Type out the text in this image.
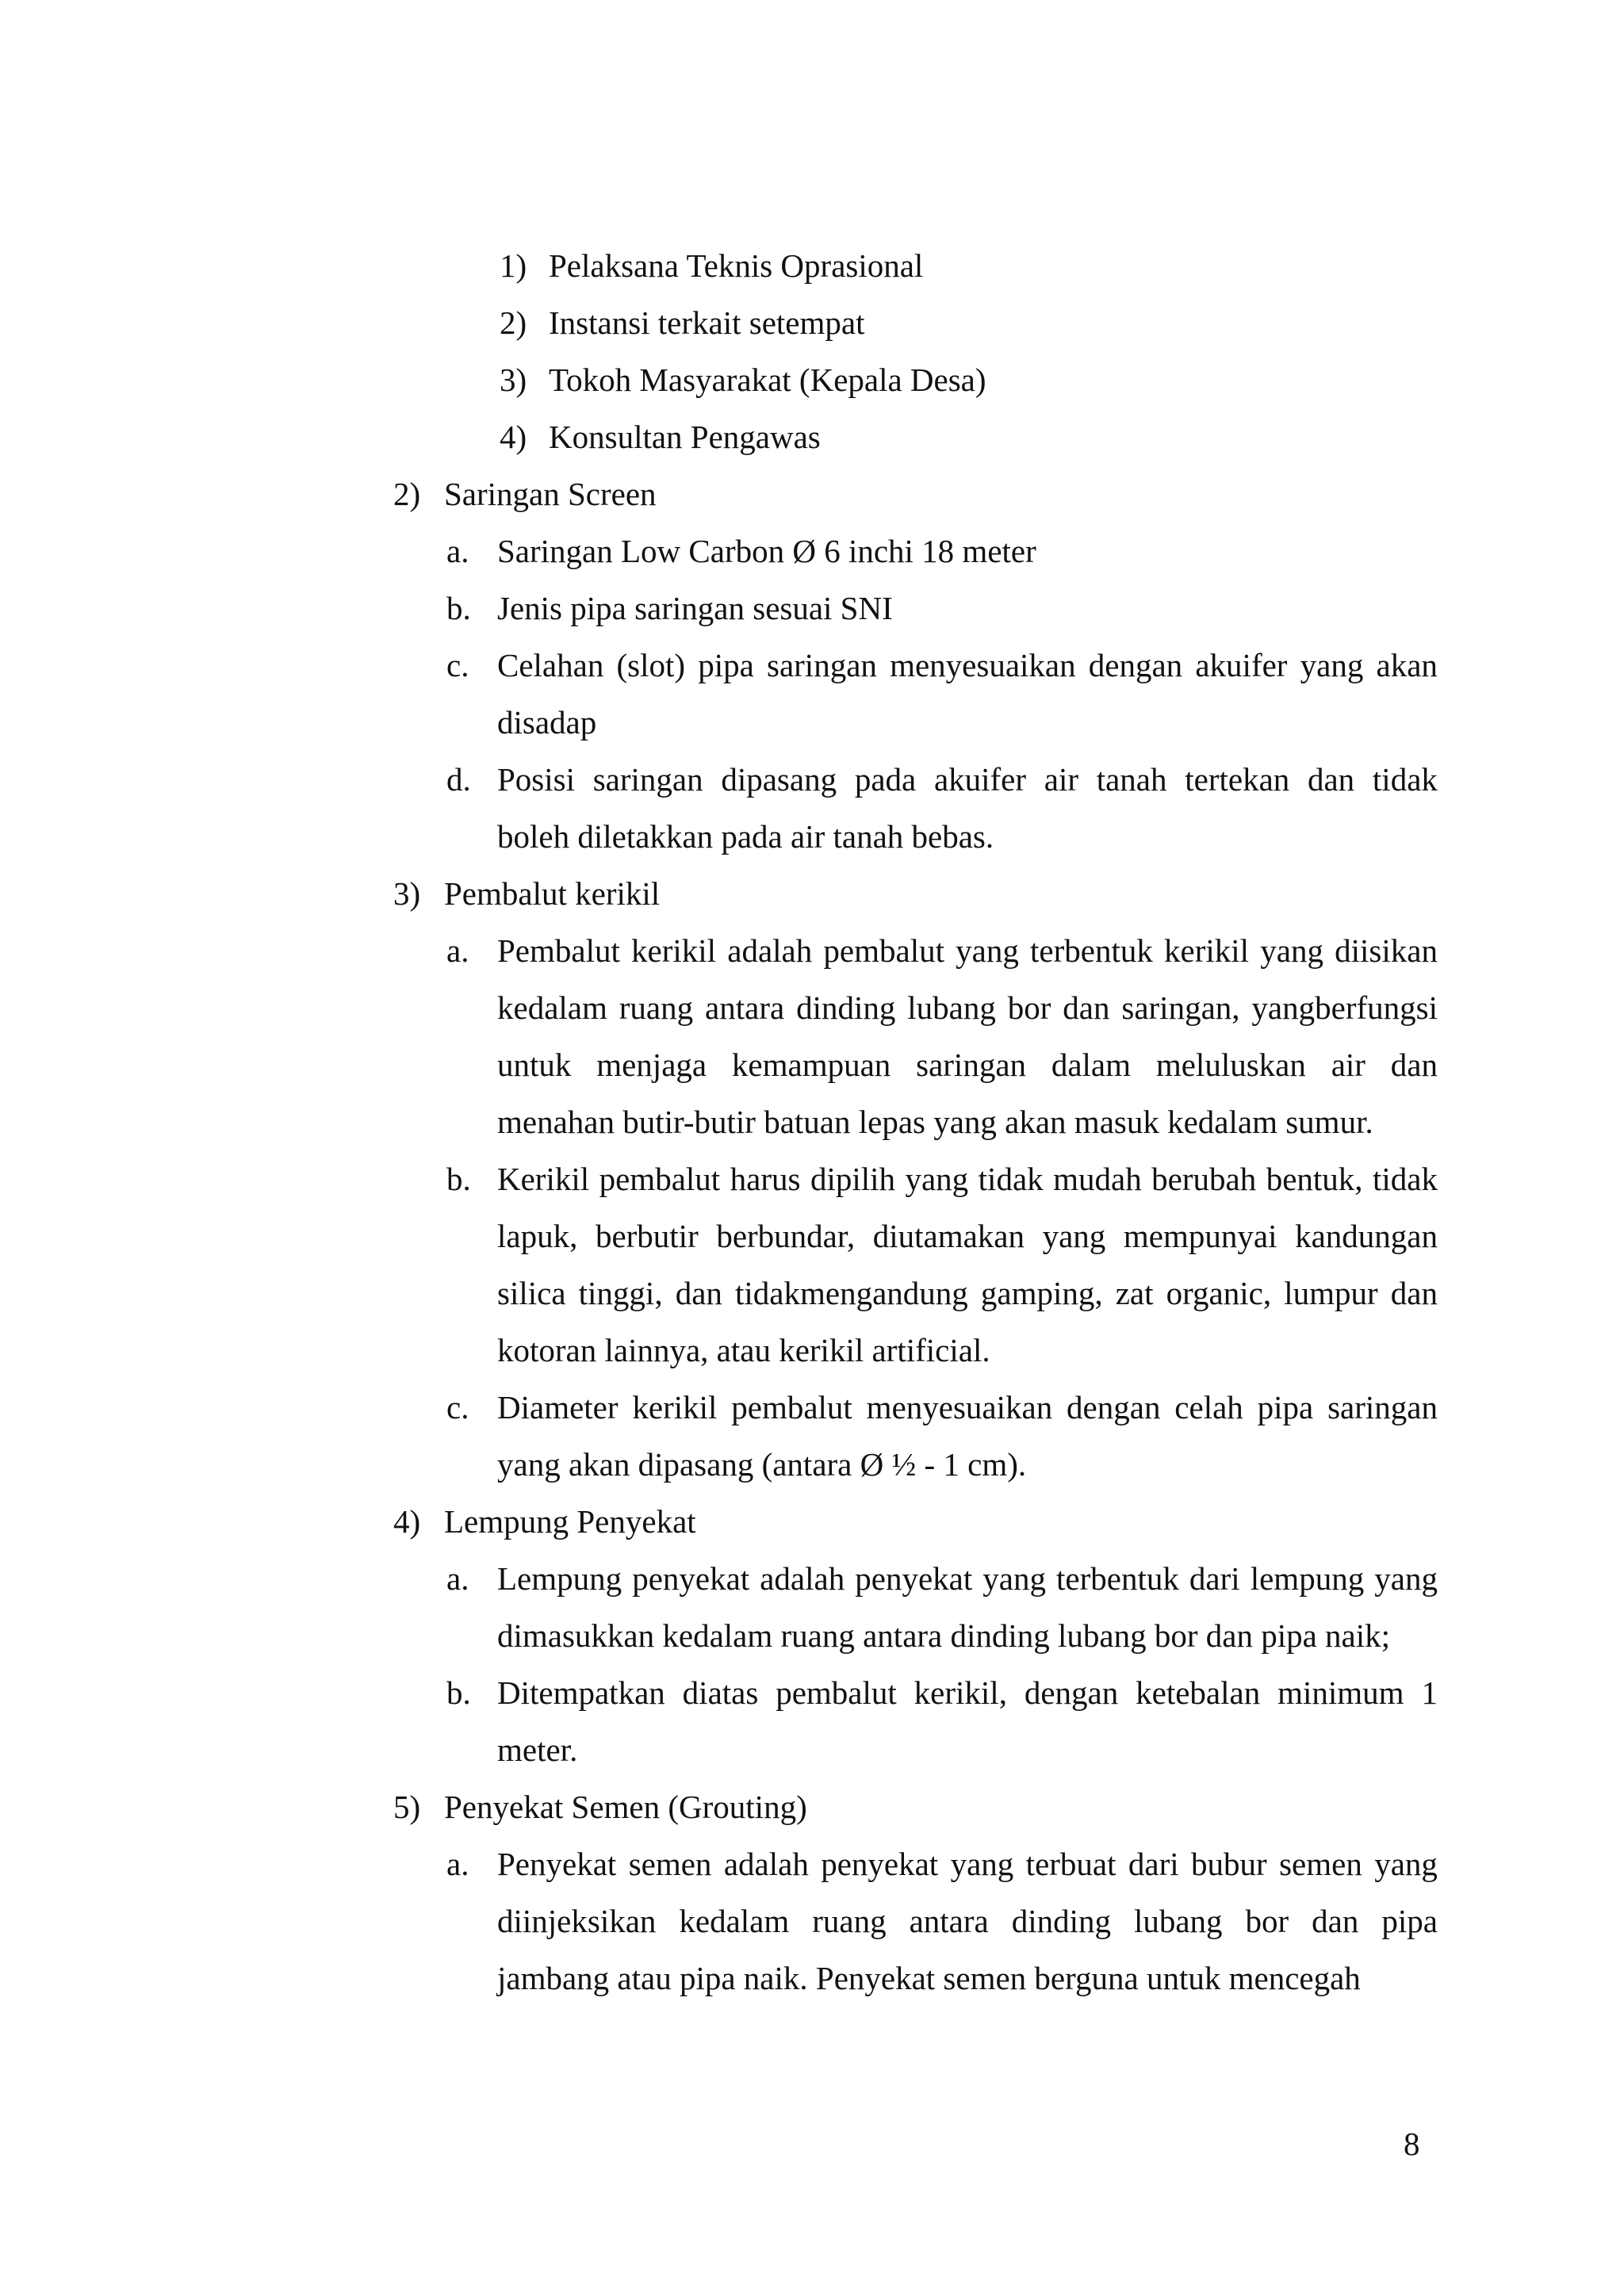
1) Pelaksana Teknis Oprasional
2) Instansi terkait setempat
3) Tokoh Masyarakat (Kepala Desa)
4) Konsultan Pengawas
2) Saringan Screen
a. Saringan Low Carbon Ø 6 inchi 18 meter
b. Jenis pipa saringan sesuai SNI
c. Celahan (slot) pipa saringan menyesuaikan dengan akuifer yang akan
disadap
d. Posisi saringan dipasang pada akuifer air tanah tertekan dan tidak
boleh diletakkan pada air tanah bebas.
3) Pembalut kerikil
a. Pembalut kerikil adalah pembalut yang terbentuk kerikil yang diisikan
kedalam ruang antara dinding lubang bor dan saringan, yangberfungsi
untuk menjaga kemampuan saringan dalam meluluskan air dan
menahan butir-butir batuan lepas yang akan masuk kedalam sumur.
b. Kerikil pembalut harus dipilih yang tidak mudah berubah bentuk, tidak
lapuk, berbutir berbundar, diutamakan yang mempunyai kandungan
silica tinggi, dan tidakmengandung gamping, zat organic, lumpur dan
kotoran lainnya, atau kerikil artificial.
c. Diameter kerikil pembalut menyesuaikan dengan celah pipa saringan
yang akan dipasang (antara Ø ½ - 1 cm).
4) Lempung Penyekat
a. Lempung penyekat adalah penyekat yang terbentuk dari lempung yang
dimasukkan kedalam ruang antara dinding lubang bor dan pipa naik;
b. Ditempatkan diatas pembalut kerikil, dengan ketebalan minimum 1
meter.
5) Penyekat Semen (Grouting)
a. Penyekat semen adalah penyekat yang terbuat dari bubur semen yang
diinjeksikan kedalam ruang antara dinding lubang bor dan pipa
jambang atau pipa naik. Penyekat semen berguna untuk mencegah
8
